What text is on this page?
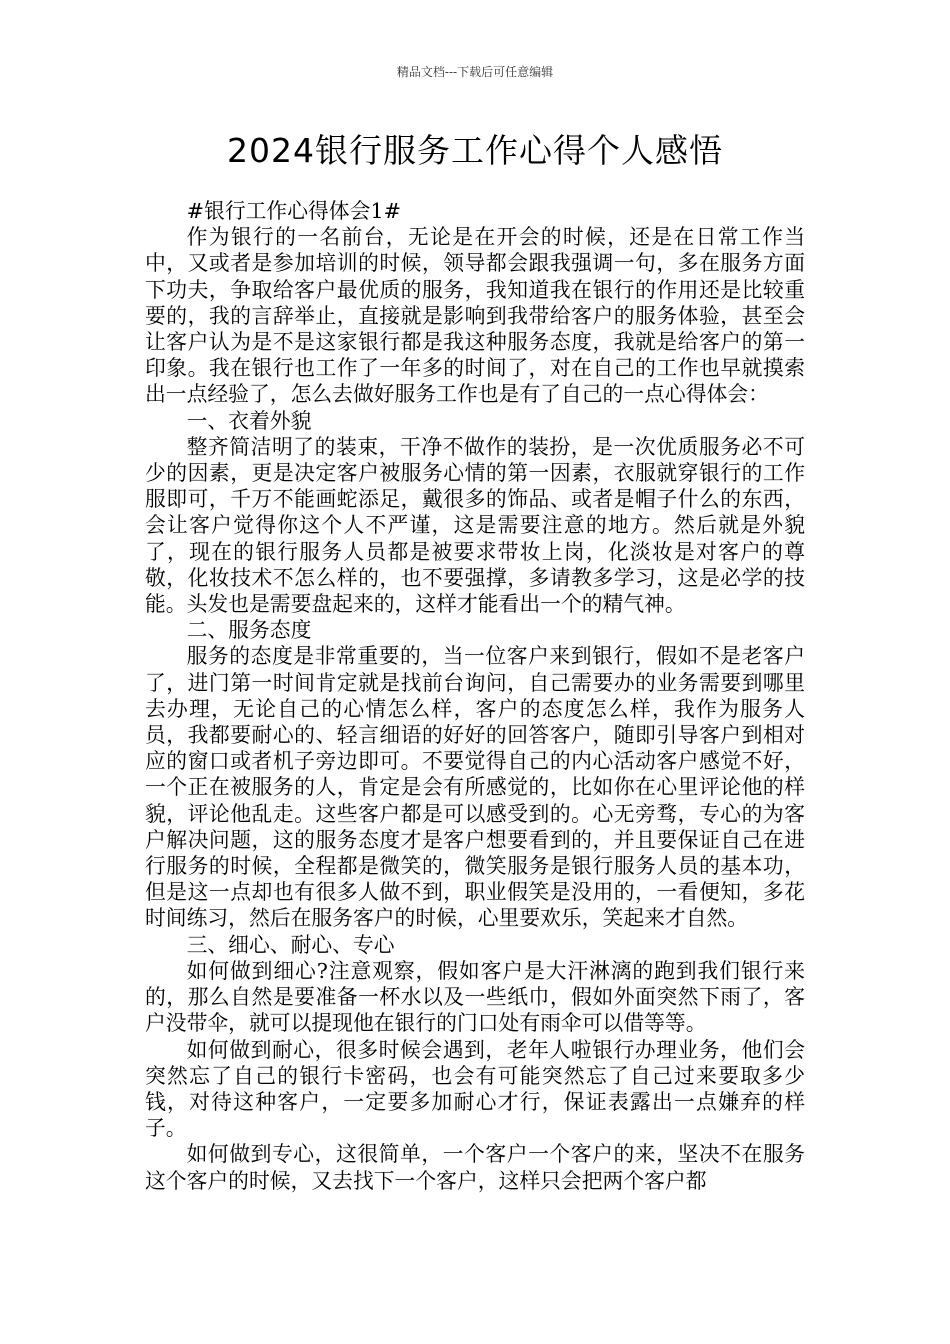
精品文档---下载后可任意编辑
2024银行服务工作心得个人感悟

#银行工作心得体会1#

作为银行的一名前台，无论是在开会的时候，还是在日常工作当中，又或者是参加培训的时候，领导都会跟我强调一句，多在服务方面下功夫，争取给客户最优质的服务，我知道我在银行的作用还是比较重要的，我的言辞举止，直接就是影响到我带给客户的服务体验，甚至会让客户认为是不是这家银行都是我这种服务态度，我就是给客户的第一印象。我在银行也工作了一年多的时间了，对在自己的工作也早就摸索出一点经验了，怎么去做好服务工作也是有了自己的一点心得体会：

一、衣着外貌

整齐简洁明了的装束，干净不做作的装扮，是一次优质服务必不可少的因素，更是决定客户被服务心情的第一因素，衣服就穿银行的工作服即可，千万不能画蛇添足，戴很多的饰品、或者是帽子什么的东西，会让客户觉得你这个人不严谨，这是需要注意的地方。然后就是外貌了，现在的银行服务人员都是被要求带妆上岗，化淡妆是对客户的尊敬，化妆技术不怎么样的，也不要强撑，多请教多学习，这是必学的技能。头发也是需要盘起来的，这样才能看出一个的精气神。

二、服务态度

服务的态度是非常重要的，当一位客户来到银行，假如不是老客户了，进门第一时间肯定就是找前台询问，自己需要办的业务需要到哪里去办理，无论自己的心情怎么样，客户的态度怎么样，我作为服务人员，我都要耐心的、轻言细语的好好的回答客户，随即引导客户到相对应的窗口或者机子旁边即可。不要觉得自己的内心活动客户感觉不好，一个正在被服务的人，肯定是会有所感觉的，比如你在心里评论他的样貌，评论他乱走。这些客户都是可以感受到的。心无旁骛，专心的为客户解决问题，这的服务态度才是客户想要看到的，并且要保证自己在进行服务的时候，全程都是微笑的，微笑服务是银行服务人员的基本功，但是这一点却也有很多人做不到，职业假笑是没用的，一看便知，多花时间练习，然后在服务客户的时候，心里要欢乐，笑起来才自然。

三、细心、耐心、专心

如何做到细心?注意观察，假如客户是大汗淋漓的跑到我们银行来的，那么自然是要准备一杯水以及一些纸巾，假如外面突然下雨了，客户没带伞，就可以提现他在银行的门口处有雨伞可以借等等。

如何做到耐心，很多时候会遇到，老年人啦银行办理业务，他们会突然忘了自己的银行卡密码，也会有可能突然忘了自己过来要取多少钱，对待这种客户，一定要多加耐心才行，保证表露出一点嫌弃的样子。

如何做到专心，这很简单，一个客户一个客户的来，坚决不在服务这个客户的时候，又去找下一个客户，这样只会把两个客户都
